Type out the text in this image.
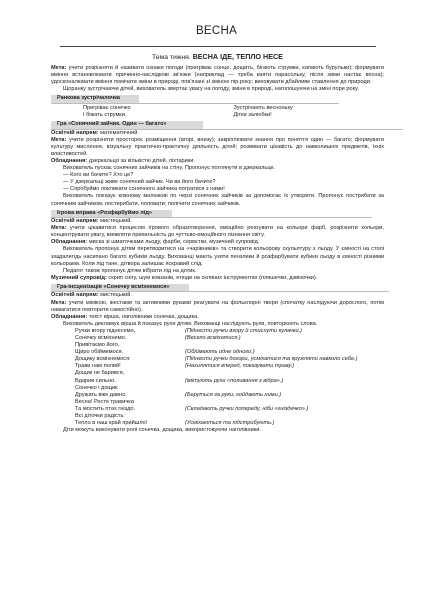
ВЕСНА
Тема тижня. ВЕСНА ІДЕ, ТЕПЛО НЕСЕ

Мета: учити розрізняти й називати ознаки погоди (пригріває сонце, дощить, бігають струмки, капають бурульки); формувати вміння встановлювати причинно-наслідкові зв'язки (наприклад — треба взяти парасольку, після зими настає весна); удосконалювати вміння помічати зміни в природі, пов'язані зі зміною пір року; виховувати дбайливе ставлення до природи.

Щоранку зустрічаючи дітей, вихователь звертає увагу на погоду, зміни в природі, наголошуючи на зміні пори року.

Ранкова зустрічалочка
Пригріває сонечко
І біжать струмки.
Зустрічають весноньку
Дітки залюбки!
Гра «Сонячний зайчик. Один — багато»

Освітній напрям: математичний.

Мета: учити розрізняти простороє розміщення (вгорі, внизу); закріплювати знання про поняття один — багато; формувати культуру мислення, візуальну практично-практичну діяльність дітей; розвивати цікавість до навколишніх предметів, їхніх властивостей.

Обладнання: дзеркальця за кількістю дітей, ліхтарики.

Вихователь пускає сонячних зайчиків на стіну. Пропонує поглянути в дзеркальце.

— Кого ви бачите? Хто це?

— У дзеркальці живе сонячний зайчик. Чи ви його бачите?

— Спробуймо покликати сонячного зайчика погратися з нами!

Вихователь показує кожному малюкові по черзі сонячних зайчиків за допомогає їх утворити. Пропонує пострибати за сонячним зайчиком, постирибати, половати; полічити сонячних зайчиків.

Ігрова вправа «Розфарбуймо лід»

Освітній напрям: мистецький.

Мета: учити цікавитися процесом ігрового образотворення, емоційно реагувати на кольори фарб, розрізняти кольори, концентрувати увагу, виявляти прихильність до чуттєво-емоційного пізнання світу.

Обладнання: миска зі шматочками льоду, фарби, сервєтки, музичний супровід.

Вихователь пропонує дітям перетворитися на «чарівників» та створити кольорову скульптуру з льоду. У ємності на столі заздалегідь насипано багато кубиків льоду. Вихованці мають узяти пензлики й розфарбувати кубики льоду в ємності різними кольорами. Коли лід тане, дітвора залишає яскравий слід.

Педагог також пропонує дітям вібрати лід на дотик.

Музичний супровід: скрип снігу, шум ковзанів, етюди на скляних інструментах (пляшечки, дзвіночки).

Гра-інсценізація «Сонечку всміхнемося»

Освітній напрям: мистецький.

Мета: учити мімікою, жестами та активними руками реагувати на фольклорні твори (спочатку наслідуючи дорослого, потім намагатися повторити самостійно).

Обладнання: текст вірша, наголівники сонечка, дощика.

Вихователь декламує вірша й показує рухи дітям. Вихованці наслідують рухи, повторюють слова.

Ручки вгору піднесемо,	(Піднести ручки вгору й стиснути кулачки.)
Сонечку всміхнемо.	(Весело всміхатися.)
Привітаємо його,
Щиро обіймемося.	(Обіймають одне одного.)
Дощику всміхнемося:	(Піднести ручки догори, усміхатися та кружляти навколо себе.)
Трави нам полий!	(Нахилятися вперед, показувати траву.)
Дощик не барився,
Вдарив сильно.	(імітують рухи «поливання з відра».)
Сонечко і дощик
Дружать вже давно.	(Беруться за руки, гойдають ними.)
Весна! Росте травичка
Та мостить птах гніздо.	(Складають ручки попереду, ніби «гніздечко».)
Всі діточки радість:
Тепло в наш край прийшло!	(Усміхаються та підстрибують.)

Діти можуть виконувати ролі сонечка, дощика, використовуючи наголівники.
